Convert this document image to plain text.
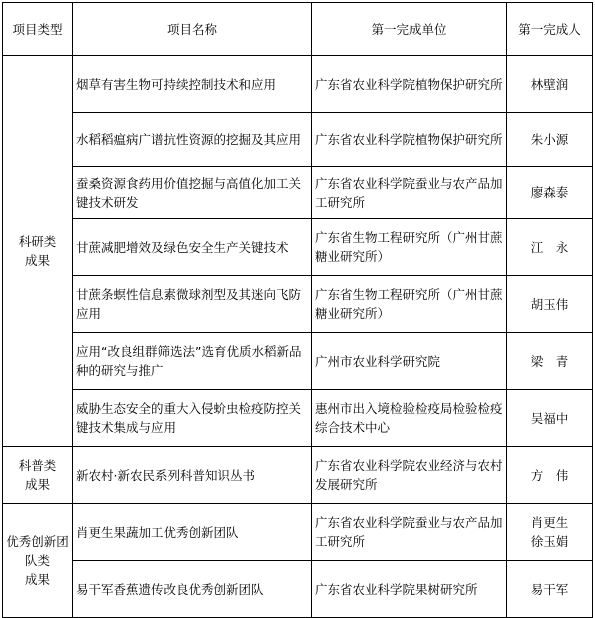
项目类型	项目名称	第一完成单位	第一完成人

科研类
成果	烟草有害生物可持续控制技术和应用	广东省农业科学院植物保护研究所	林壁润
	水稻稻瘟病广谱抗性资源的挖掘及其应用	广东省农业科学院植物保护研究所	朱小源
	蚕桑资源食药用价值挖掘与高值化加工关键技术研发	广东省农业科学院蚕业与农产品加工研究所	廖森泰
	甘蔗减肥增效及绿色安全生产关键技术	广东省生物工程研究所（广州甘蔗糖业研究所）	江　永
	甘蔗条螟性信息素微球剂型及其迷向飞防应用	广东省生物工程研究所（广州甘蔗糖业研究所）	胡玉伟
	应用“改良组群筛选法”选育优质水稻新品种的研究与推广	广州市农业科学研究院	梁　青
	威胁生态安全的重大入侵蚧虫检疫防控关键技术集成与应用	惠州市出入境检验检疫局检验检疫综合技术中心	吴福中

科普类
成果	新农村·新农民系列科普知识丛书	广东省农业科学院农业经济与农村发展研究所	方　伟

优秀创新团
队类
成果	肖更生果蔬加工优秀创新团队	广东省农业科学院蚕业与农产品加工研究所	肖更生
徐玉娟

	易干军香蕉遗传改良优秀创新团队	广东省农业科学院果树研究所	易干军
